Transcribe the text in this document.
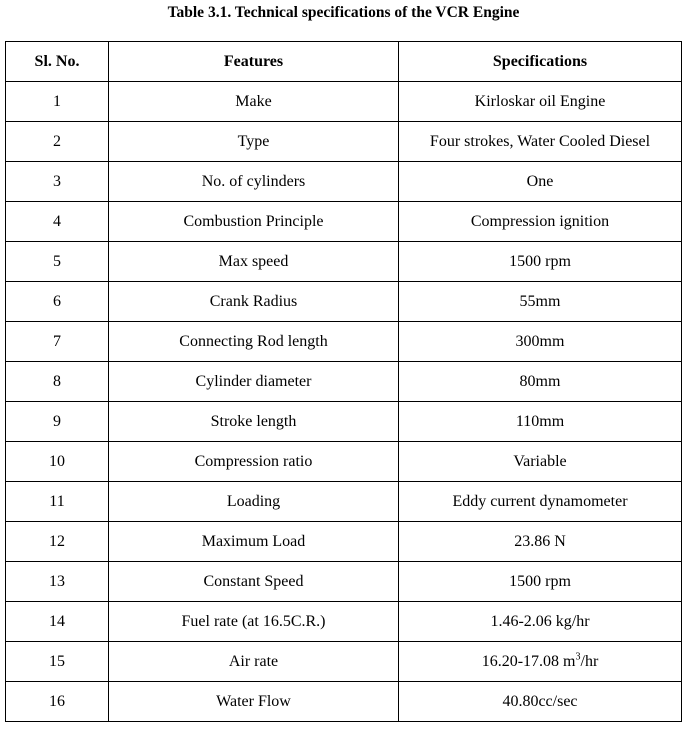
Table 3.1. Technical specifications of the VCR Engine
Sl. No.	Features	Specifications
1	Make	Kirloskar oil Engine
2	Type	Four strokes, Water Cooled Diesel
3	No. of cylinders	One
4	Combustion Principle	Compression ignition
5	Max speed	1500 rpm
6	Crank Radius	55mm
7	Connecting Rod length	300mm
8	Cylinder diameter	80mm
9	Stroke length	110mm
10	Compression ratio	Variable
11	Loading	Eddy current dynamometer
12	Maximum Load	23.86 N
13	Constant Speed	1500 rpm
14	Fuel rate (at 16.5C.R.)	1.46-2.06 kg/hr
15	Air rate	16.20-17.08 $m^3/hr$
16	Water Flow	40.80cc/sec
